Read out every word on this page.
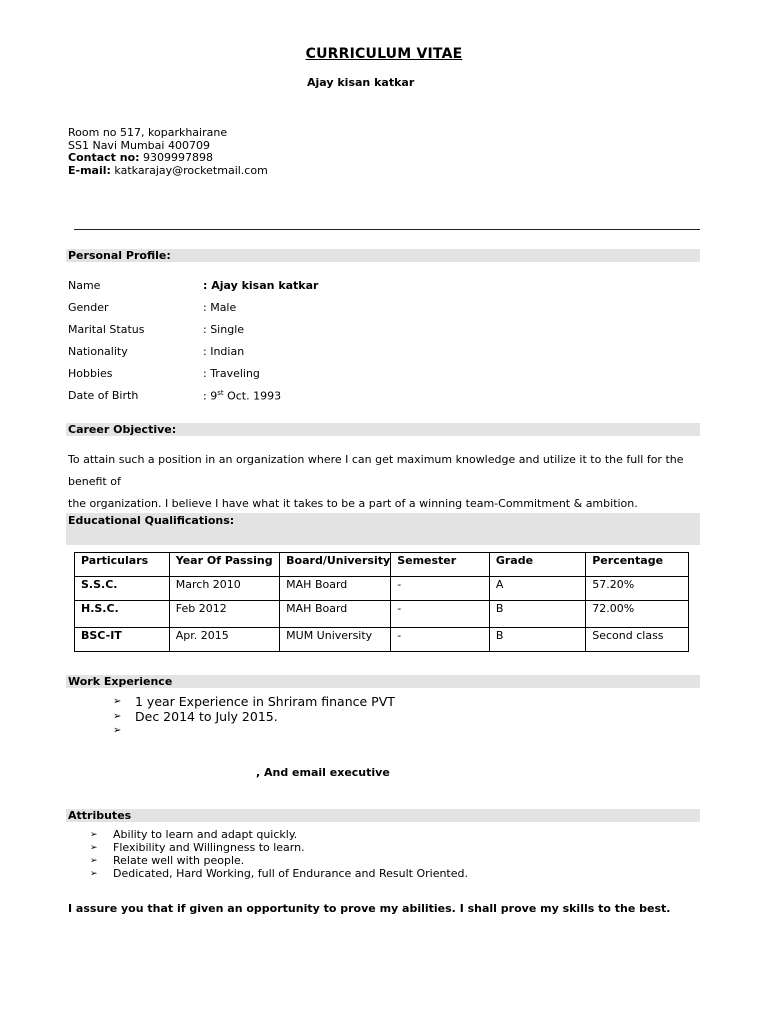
CURRICULUM VITAE
Ajay kisan katkar
Room no 517, koparkhairane
SS1 Navi Mumbai 400709
Contact no: 9309997898
E-mail: katkarajay@rocketmail.com
Personal Profile:
Name	: Ajay kisan katkar
Gender	: Male
Marital Status	: Single
Nationality	: Indian
Hobbies	: Traveling
Date of Birth	: 9st Oct. 1993
Career Objective:
To attain such a position in an organization where I can get maximum knowledge and utilize it to the full for the benefit of
the organization. I believe I have what it takes to be a part of a winning team-Commitment & ambition.
Educational Qualifications:
Particulars	Year Of Passing	Board/University	Semester	Grade	Percentage
S.S.C.	March 2010	MAH Board	-	A	57.20%
H.S.C.	Feb 2012	MAH Board	-	B	72.00%
BSC-IT	Apr. 2015	MUM University	-	B	Second class
Work Experience
➢ 1 year Experience in Shriram finance PVT
➢ Dec 2014 to July 2015.
➢
, And email executive
Attributes
➢ Ability to learn and adapt quickly.
➢ Flexibility and Willingness to learn.
➢ Relate well with people.
➢ Dedicated, Hard Working, full of Endurance and Result Oriented.
I assure you that if given an opportunity to prove my abilities. I shall prove my skills to the best.
